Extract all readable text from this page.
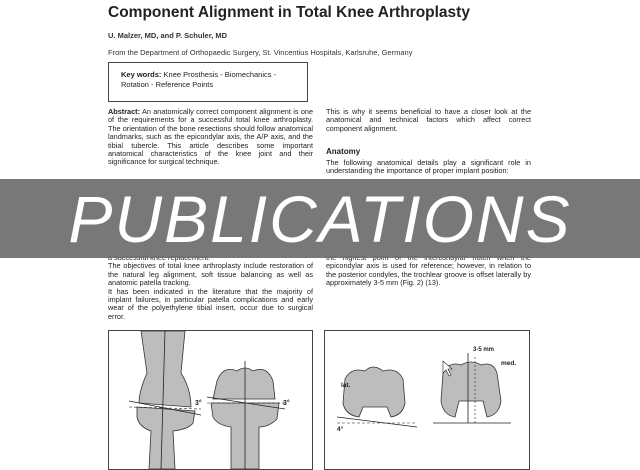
Component Alignment in Total Knee Arthroplasty
U. Malzer, MD, and P. Schuler, MD
From the Department of Orthopaedic Surgery, St. Vincentius Hospitals, Karlsruhe, Germany
Key words: Knee Prosthesis - Biomechanics -
Rotation - Reference Points
Abstract: An anatomically correct component alignment is one of the requirements for a successful total knee arthroplasty. The orientation of the bone resections should follow anatomical landmarks, such as the epicondylar axis, the A/P axis, and the tibial tubercle. This article describes some important anatomical characteristics of the knee joint and their significance for surgical technique.
This is why it seems beneficial to have a closer look at the anatomical and technical factors which affect correct component alignment.
Anatomy
The following anatomical details play a significant role in understanding the importance of proper implant position:
The objectives of total knee arthroplasty include restoration of the natural leg alignment, soft tissue balancing as well as anatomic patella tracking.
It has been indicated in the literature that the majority of implant failures, in particular patella complications and early wear of the polyethylene tibial insert, occur due to surgical error.
epicondylar axis is used for reference; however, in relation to the posterior condyles, the trochlear groove is offset laterally by approximately 3-5 mm (Fig. 2) (13).
PUBLICATIONS
3°	3°
lat.
4°
3-5 mm
med.
